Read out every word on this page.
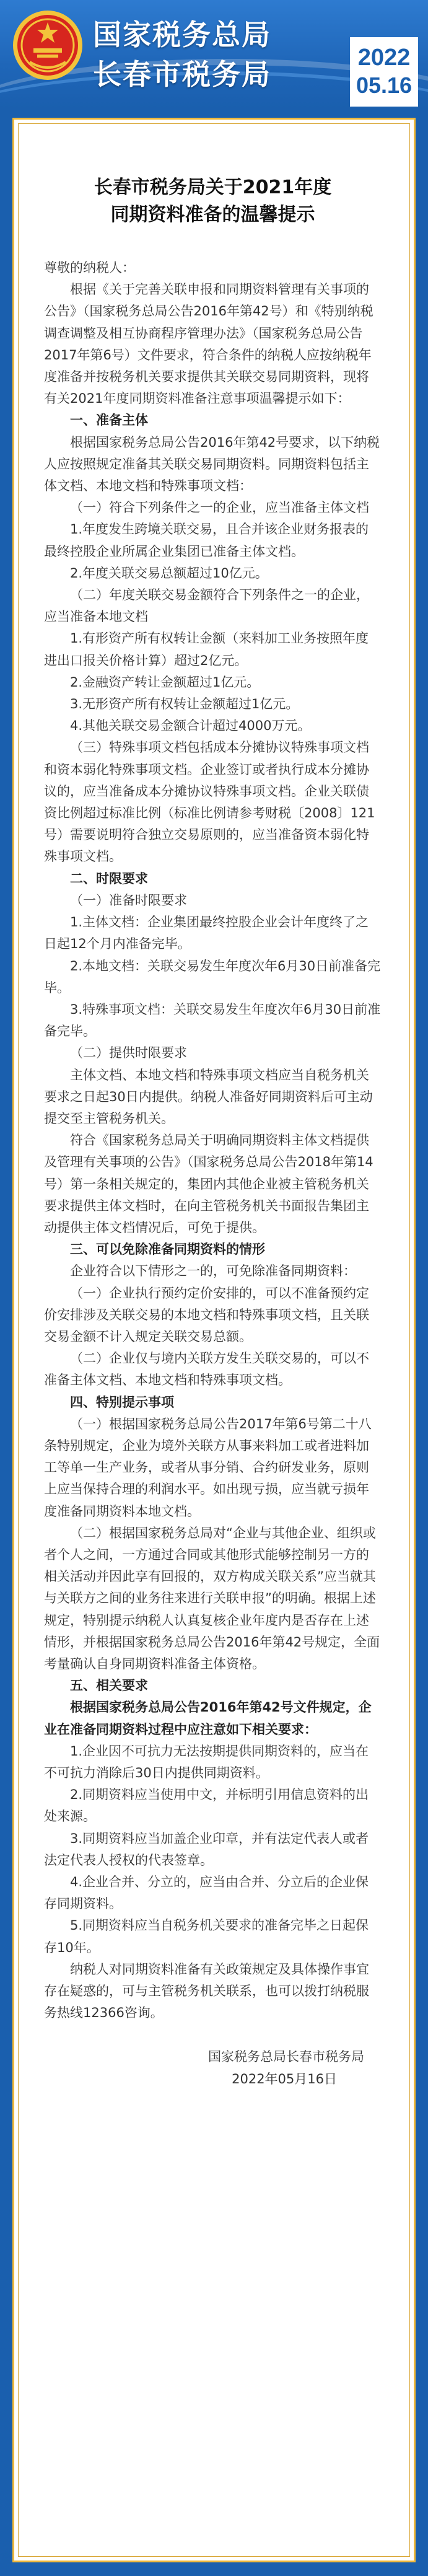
国家税务总局
长春市税务局	2022
05.16
长春市税务局关于2021年度
同期资料准备的温馨提示

尊敬的纳税人：

根据《关于完善关联申报和同期资料管理有关事项的公告》（国家税务总局公告2016年第42号）和《特别纳税调查调整及相互协商程序管理办法》（国家税务总局公告2017年第6号）文件要求，符合条件的纳税人应按纳税年度准备并按税务机关要求提供其关联交易同期资料，现将有关2021年度同期资料准备注意事项温馨提示如下：

一、准备主体

根据国家税务总局公告2016年第42号要求，以下纳税人应按照规定准备其关联交易同期资料。同期资料包括主体文档、本地文档和特殊事项文档：

（一）符合下列条件之一的企业，应当准备主体文档

1.年度发生跨境关联交易，且合并该企业财务报表的最终控股企业所属企业集团已准备主体文档。

2.年度关联交易总额超过10亿元。

（二）年度关联交易金额符合下列条件之一的企业，应当准备本地文档

1.有形资产所有权转让金额（来料加工业务按照年度进出口报关价格计算）超过2亿元。

2.金融资产转让金额超过1亿元。

3.无形资产所有权转让金额超过1亿元。

4.其他关联交易金额合计超过4000万元。

（三）特殊事项文档包括成本分摊协议特殊事项文档和资本弱化特殊事项文档。企业签订或者执行成本分摊协议的，应当准备成本分摊协议特殊事项文档。企业关联债资比例超过标准比例（标准比例请参考财税〔2008〕121号）需要说明符合独立交易原则的，应当准备资本弱化特殊事项文档。

二、时限要求

（一）准备时限要求

1.主体文档：企业集团最终控股企业会计年度终了之日起12个月内准备完毕。

2.本地文档：关联交易发生年度次年6月30日前准备完毕。

3.特殊事项文档：关联交易发生年度次年6月30日前准备完毕。

（二）提供时限要求

主体文档、本地文档和特殊事项文档应当自税务机关要求之日起30日内提供。纳税人准备好同期资料后可主动提交至主管税务机关。

符合《国家税务总局关于明确同期资料主体文档提供及管理有关事项的公告》（国家税务总局公告2018年第14号）第一条相关规定的，集团内其他企业被主管税务机关要求提供主体文档时，在向主管税务机关书面报告集团主动提供主体文档情况后，可免于提供。

三、可以免除准备同期资料的情形

企业符合以下情形之一的，可免除准备同期资料：

（一）企业执行预约定价安排的，可以不准备预约定价安排涉及关联交易的本地文档和特殊事项文档，且关联交易金额不计入规定关联交易总额。

（二）企业仅与境内关联方发生关联交易的，可以不准备主体文档、本地文档和特殊事项文档。

四、特别提示事项

（一）根据国家税务总局公告2017年第6号第二十八条特别规定，企业为境外关联方从事来料加工或者进料加工等单一生产业务，或者从事分销、合约研发业务，原则上应当保持合理的利润水平。如出现亏损，应当就亏损年度准备同期资料本地文档。

（二）根据国家税务总局对“企业与其他企业、组织或者个人之间，一方通过合同或其他形式能够控制另一方的相关活动并因此享有回报的，双方构成关联关系”应当就其与关联方之间的业务往来进行关联申报”的明确。根据上述规定，特别提示纳税人认真复核企业年度内是否存在上述情形，并根据国家税务总局公告2016年第42号规定，全面考量确认自身同期资料准备主体资格。

五、相关要求

根据国家税务总局公告2016年第42号文件规定，企业在准备同期资料过程中应注意如下相关要求：

1.企业因不可抗力无法按期提供同期资料的，应当在不可抗力消除后30日内提供同期资料。

2.同期资料应当使用中文，并标明引用信息资料的出处来源。

3.同期资料应当加盖企业印章，并有法定代表人或者法定代表人授权的代表签章。

4.企业合并、分立的，应当由合并、分立后的企业保存同期资料。

5.同期资料应当自税务机关要求的准备完毕之日起保存10年。

纳税人对同期资料准备有关政策规定及具体操作事宜存在疑惑的，可与主管税务机关联系，也可以拨打纳税服务热线12366咨询。

国家税务总局长春市税务局

2022年05月16日
